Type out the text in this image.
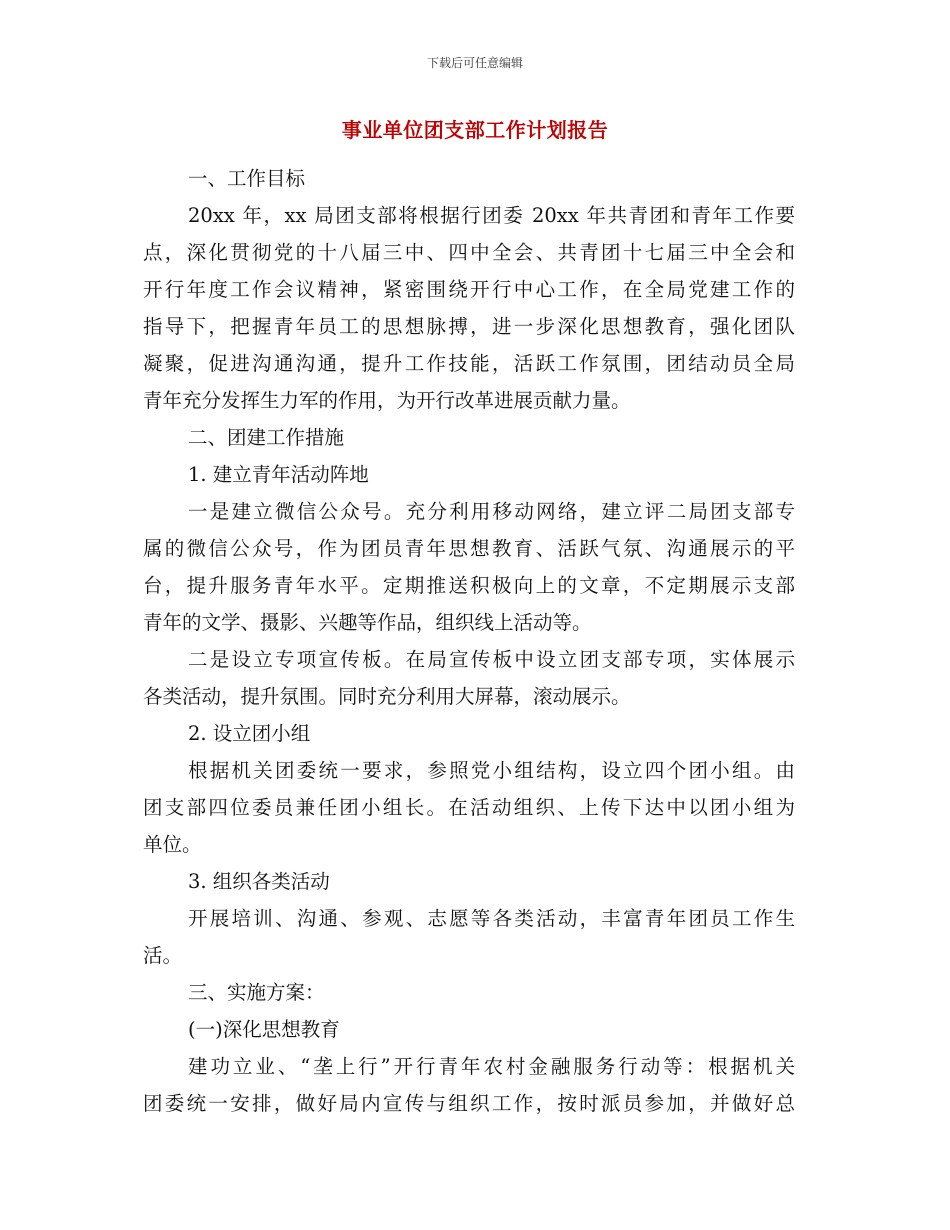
下载后可任意编辑
事业单位团支部工作计划报告
一、工作目标
20xx 年，xx 局团支部将根据行团委 20xx 年共青团和青年工作要
点，深化贯彻党的十八届三中、四中全会、共青团十七届三中全会和
开行年度工作会议精神，紧密围绕开行中心工作，在全局党建工作的
指导下，把握青年员工的思想脉搏，进一步深化思想教育，强化团队
凝聚，促进沟通沟通，提升工作技能，活跃工作氛围，团结动员全局
青年充分发挥生力军的作用，为开行改革进展贡献力量。
二、团建工作措施
1. 建立青年活动阵地
一是建立微信公众号。充分利用移动网络，建立评二局团支部专
属的微信公众号，作为团员青年思想教育、活跃气氛、沟通展示的平
台，提升服务青年水平。定期推送积极向上的文章，不定期展示支部
青年的文学、摄影、兴趣等作品，组织线上活动等。
二是设立专项宣传板。在局宣传板中设立团支部专项，实体展示
各类活动，提升氛围。同时充分利用大屏幕，滚动展示。
2. 设立团小组
根据机关团委统一要求，参照党小组结构，设立四个团小组。由
团支部四位委员兼任团小组长。在活动组织、上传下达中以团小组为
单位。
3. 组织各类活动
开展培训、沟通、参观、志愿等各类活动，丰富青年团员工作生
活。
三、实施方案：
(一)深化思想教育
建功立业、“垄上行”开行青年农村金融服务行动等：根据机关
团委统一安排，做好局内宣传与组织工作，按时派员参加，并做好总
